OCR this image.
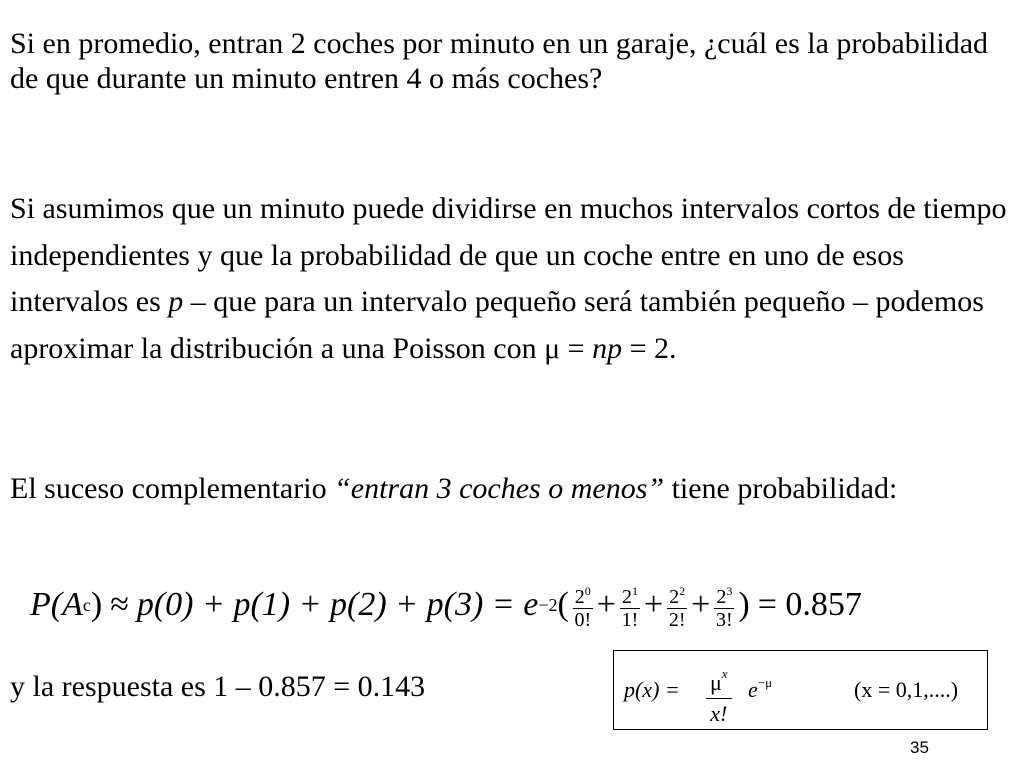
Si en promedio, entran 2 coches por minuto en un garaje, ¿cuál es la probabilidad de que durante un minuto entren 4 o más coches?

Si asumimos que un minuto puede dividirse en muchos intervalos cortos de tiempo independientes y que la probabilidad de que un coche entre en uno de esos intervalos es p – que para un intervalo pequeño será también pequeño – podemos aproximar la distribución a una Poisson con μ = np = 2.

El suceso complementario “entran 3 coches o menos” tiene probabilidad:

P(A c ) ≈ p(0) + p(1) + p(2) + p(3) = e −2 ( $\frac{2^0}{0!} + \frac{2^1}{1!} + \frac{2^2}{2!} + \frac{2^3}{3!}$ ) = 0.857

y la respuesta es 1 – 0.857 = 0.143	$p(x) = \mu^x$
x!
$e^{-\mu}$	(x = 0,1,....)
35
